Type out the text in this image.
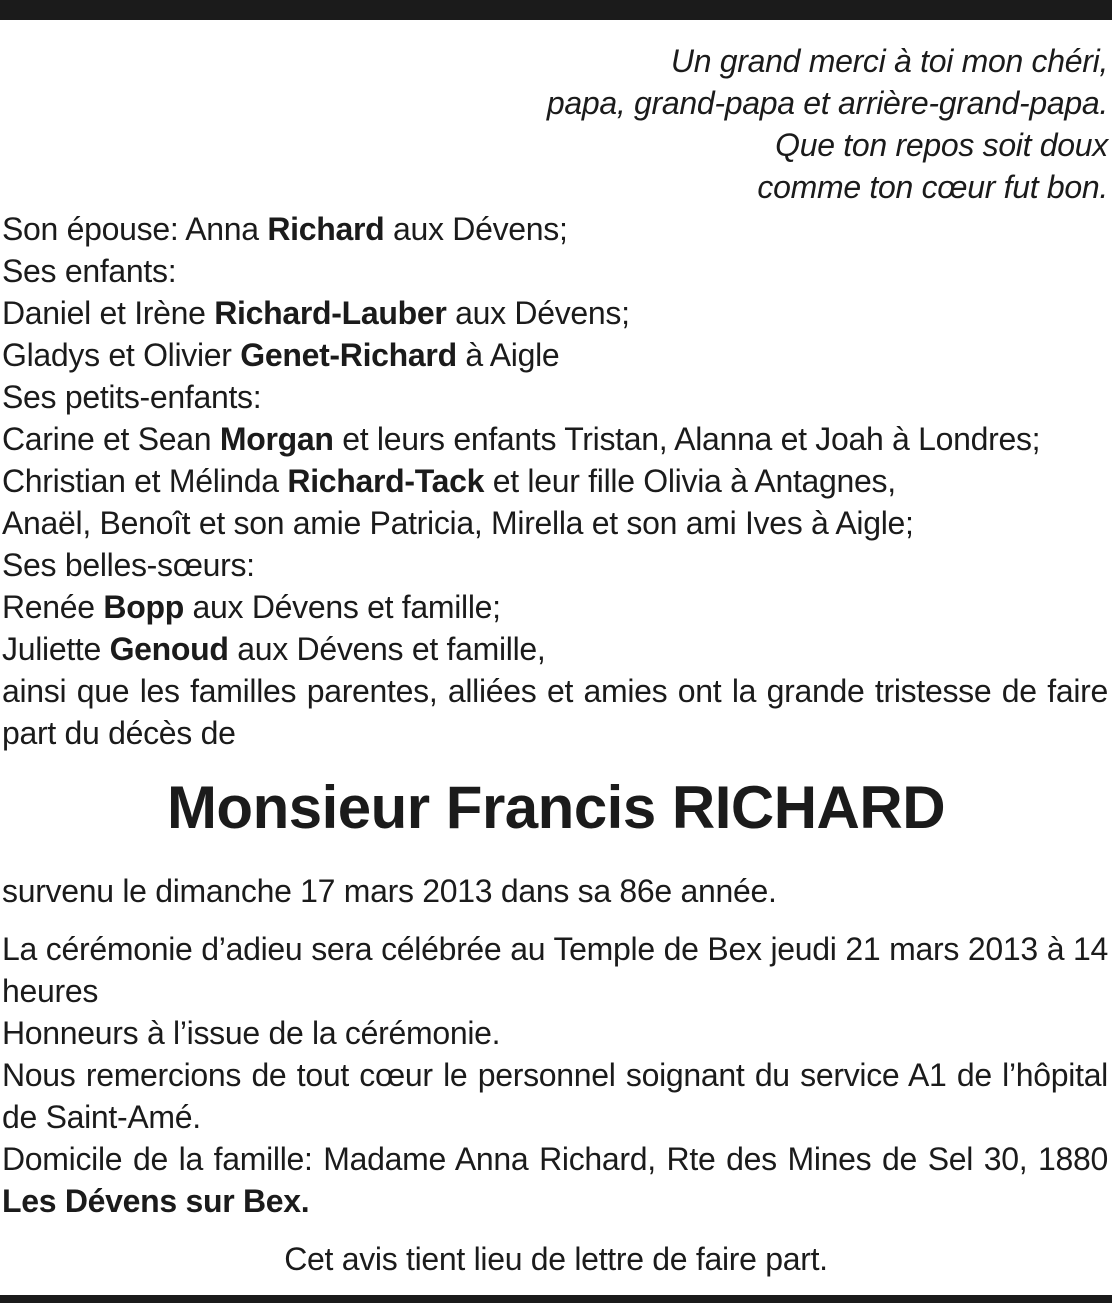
Un grand merci à toi mon chéri,
papa, grand-papa et arrière-grand-papa.
Que ton repos soit doux
comme ton cœur fut bon.
Son épouse: Anna Richard aux Dévens;
Ses enfants:
Daniel et Irène Richard-Lauber aux Dévens;
Gladys et Olivier Genet-Richard à Aigle
Ses petits-enfants:
Carine et Sean Morgan et leurs enfants Tristan, Alanna et Joah à Londres;
Christian et Mélinda Richard-Tack et leur fille Olivia à Antagnes,
Anaël, Benoît et son amie Patricia, Mirella et son ami Ives à Aigle;
Ses belles-sœurs:
Renée Bopp aux Dévens et famille;
Juliette Genoud aux Dévens et famille,
ainsi que les familles parentes, alliées et amies ont la grande tristesse de faire part du décès de
Monsieur Francis RICHARD

survenu le dimanche 17 mars 2013 dans sa 86e année.

La cérémonie d’adieu sera célébrée au Temple de Bex jeudi 21 mars 2013 à 14 heures

Honneurs à l’issue de la cérémonie.

Nous remercions de tout cœur le personnel soignant du service A1 de l’hôpital de Saint-Amé.

Domicile de la famille: Madame Anna Richard, Rte des Mines de Sel 30, 1880 Les Dévens sur Bex.

Cet avis tient lieu de lettre de faire part.
